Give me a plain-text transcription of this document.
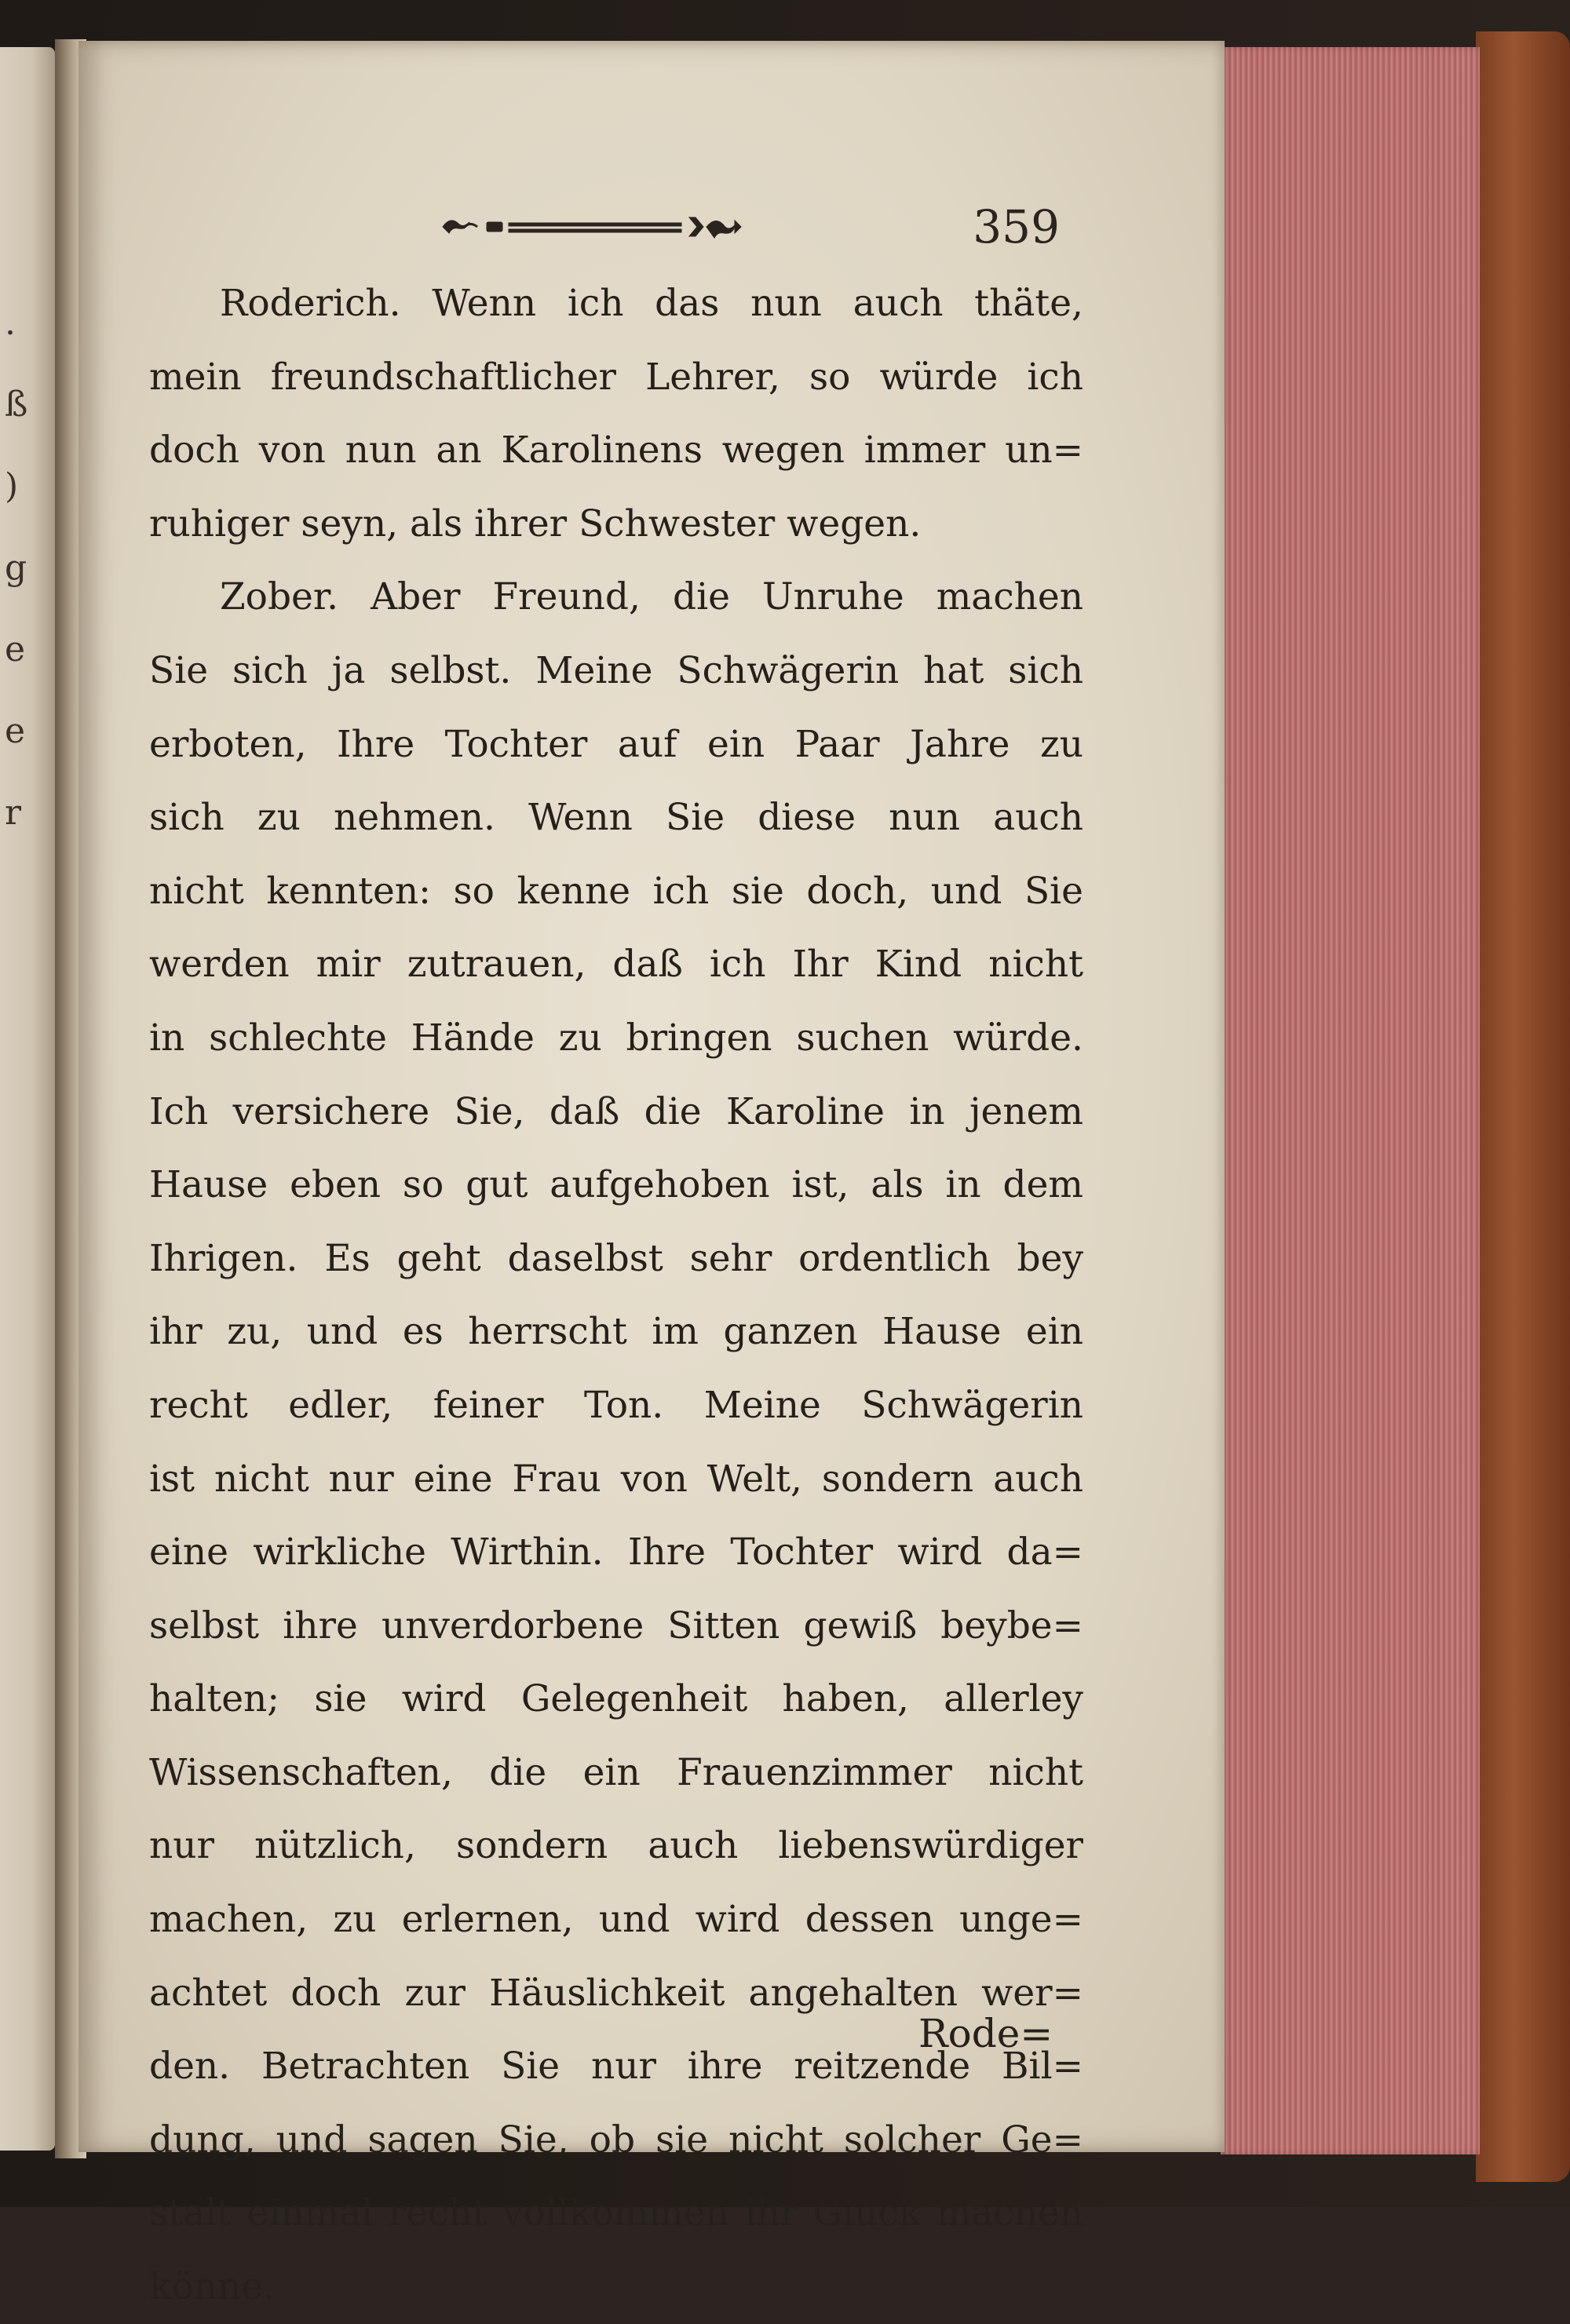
.
ß
)
g
e
e
r
359
Roderich. Wenn ich das nun auch thäte,
mein freundschaftlicher Lehrer, so würde ich
doch von nun an Karolinens wegen immer un=
ruhiger seyn, als ihrer Schwester wegen.
Zober. Aber Freund, die Unruhe machen
Sie sich ja selbst. Meine Schwägerin hat sich
erboten, Ihre Tochter auf ein Paar Jahre zu
sich zu nehmen. Wenn Sie diese nun auch
nicht kennten: so kenne ich sie doch, und Sie
werden mir zutrauen, daß ich Ihr Kind nicht
in schlechte Hände zu bringen suchen würde.
Ich versichere Sie, daß die Karoline in jenem
Hause eben so gut aufgehoben ist, als in dem
Ihrigen. Es geht daselbst sehr ordentlich bey
ihr zu, und es herrscht im ganzen Hause ein
recht edler, feiner Ton. Meine Schwägerin
ist nicht nur eine Frau von Welt, sondern auch
eine wirkliche Wirthin. Ihre Tochter wird da=
selbst ihre unverdorbene Sitten gewiß beybe=
halten; sie wird Gelegenheit haben, allerley
Wissenschaften, die ein Frauenzimmer nicht
nur nützlich, sondern auch liebenswürdiger
machen, zu erlernen, und wird dessen unge=
achtet doch zur Häuslichkeit angehalten wer=
den. Betrachten Sie nur ihre reitzende Bil=
dung, und sagen Sie, ob sie nicht solcher Ge=
stalt einmal recht vollkommen ihr Glück machen
könne.
Rode=
